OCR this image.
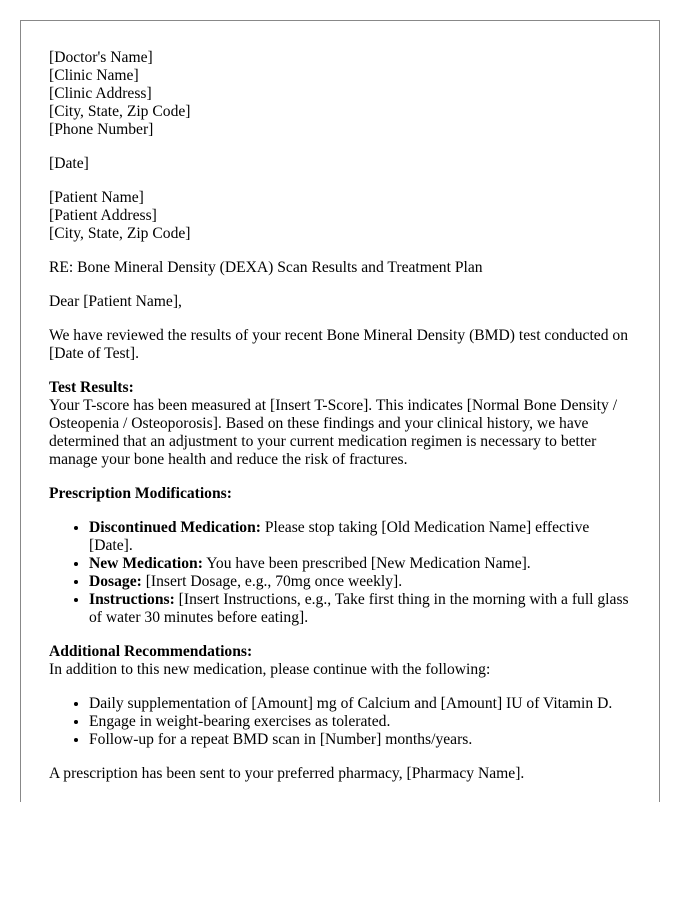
[Doctor's Name]
[Clinic Name]
[Clinic Address]
[City, State, Zip Code]
[Phone Number]

[Date]

[Patient Name]
[Patient Address]
[City, State, Zip Code]

RE: Bone Mineral Density (DEXA) Scan Results and Treatment Plan

Dear [Patient Name],

We have reviewed the results of your recent Bone Mineral Density (BMD) test conducted on [Date of Test].

Test Results:
Your T-score has been measured at [Insert T-Score]. This indicates [Normal Bone Density / Osteopenia / Osteoporosis]. Based on these findings and your clinical history, we have determined that an adjustment to your current medication regimen is necessary to better manage your bone health and reduce the risk of fractures.

Prescription Modifications:

• Discontinued Medication: Please stop taking [Old Medication Name] effective [Date].
• New Medication: You have been prescribed [New Medication Name].
• Dosage: [Insert Dosage, e.g., 70mg once weekly].
• Instructions: [Insert Instructions, e.g., Take first thing in the morning with a full glass of water 30 minutes before eating].
Additional Recommendations:

In addition to this new medication, please continue with the following:

• Daily supplementation of [Amount] mg of Calcium and [Amount] IU of Vitamin D.
• Engage in weight-bearing exercises as tolerated.
• Follow-up for a repeat BMD scan in [Number] months/years.

A prescription has been sent to your preferred pharmacy, [Pharmacy Name].
